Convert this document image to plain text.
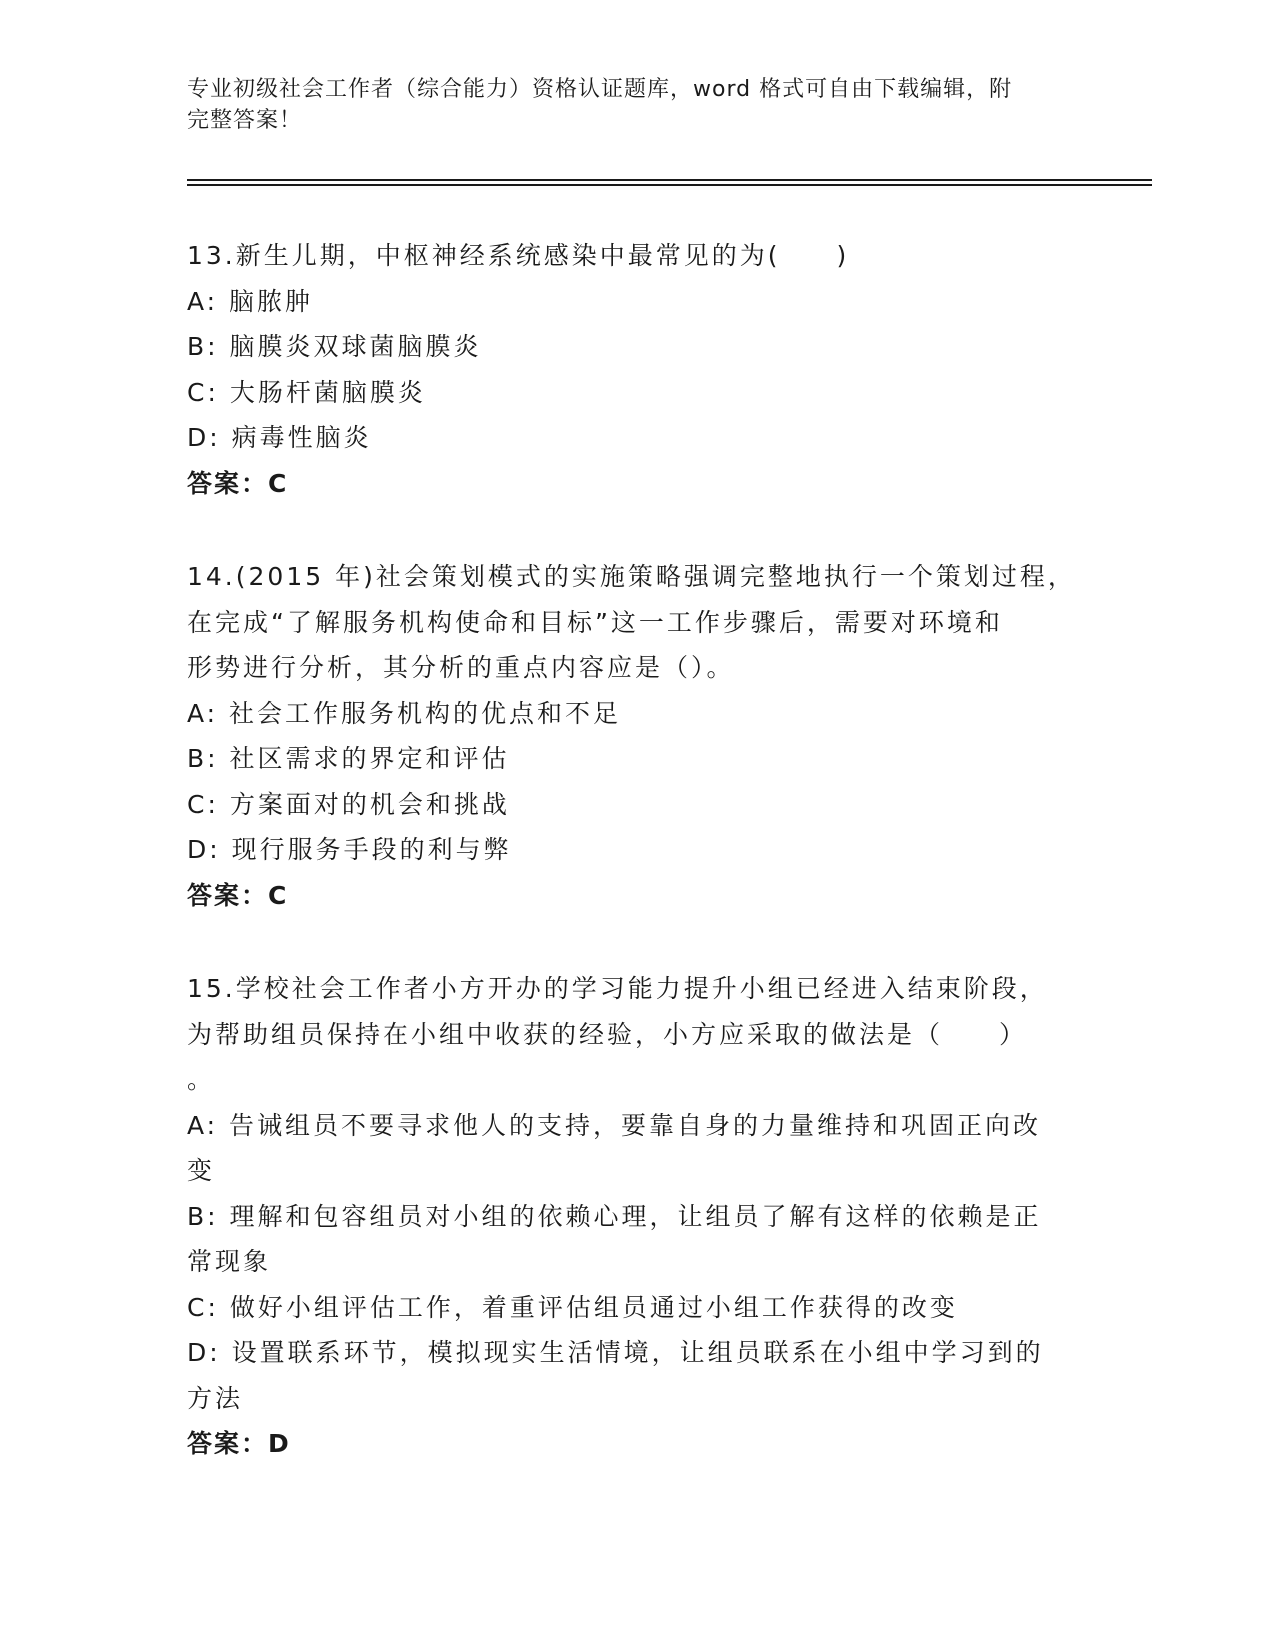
专业初级社会工作者（综合能力）资格认证题库，word 格式可自由下载编辑，附
完整答案！
13.新生儿期，中枢神经系统感染中最常见的为(　　)
A: 脑脓肿
B: 脑膜炎双球菌脑膜炎
C: 大肠杆菌脑膜炎
D: 病毒性脑炎
答案：C
14.(2015 年)社会策划模式的实施策略强调完整地执行一个策划过程，
在完成“了解服务机构使命和目标”这一工作步骤后，需要对环境和
形势进行分析，其分析的重点内容应是（）。
A: 社会工作服务机构的优点和不足
B: 社区需求的界定和评估
C: 方案面对的机会和挑战
D: 现行服务手段的利与弊
答案：C
15.学校社会工作者小方开办的学习能力提升小组已经进入结束阶段，
为帮助组员保持在小组中收获的经验，小方应采取的做法是（　　）
。
A: 告诫组员不要寻求他人的支持，要靠自身的力量维持和巩固正向改
变
B: 理解和包容组员对小组的依赖心理，让组员了解有这样的依赖是正
常现象
C: 做好小组评估工作，着重评估组员通过小组工作获得的改变
D: 设置联系环节，模拟现实生活情境，让组员联系在小组中学习到的
方法
答案：D
